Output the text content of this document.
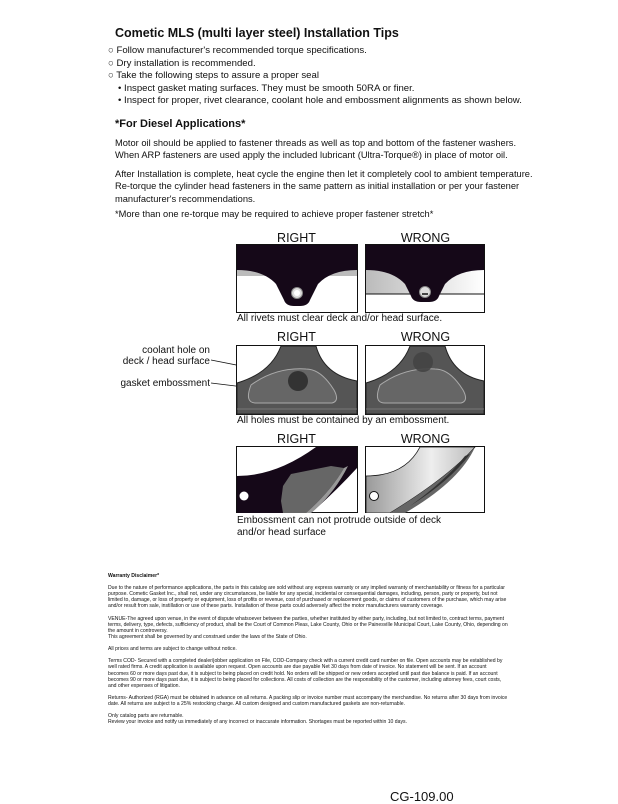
Cometic MLS (multi layer steel) Installation Tips
○ Follow manufacturer's recommended torque specifications.
○ Dry installation is recommended.
○ Take the following steps to assure a proper seal
• Inspect gasket mating surfaces. They must be smooth 50RA or finer.
• Inspect for proper, rivet clearance, coolant hole and embossment alignments as shown below.
*For Diesel Applications*
Motor oil should be applied to fastener threads as well as top and bottom of the fastener washers. When ARP fasteners are used apply the included lubricant (Ultra-Torque®) in place of motor oil.
After Installation is complete, heat cycle the engine then let it completely cool to ambient temperature. Re-torque the cylinder head fasteners in the same pattern as initial installation or per your fastener manufacturer's recommendations.
*More than one re-torque may be required to achieve proper fastener stretch*
RIGHT	WRONG
All rivets must clear deck and/or head surface.
RIGHT	WRONG
coolant hole on
deck / head surface
gasket embossment
All holes must be contained by an embossment.
RIGHT	WRONG
Embossment can not protrude outside of deck
and/or head surface

Warranty Disclaimer*

Due to the nature of performance applications, the parts in this catalog are sold without any express warranty or any implied warranty of merchantability or fitness for a particular purpose. Cometic Gasket Inc., shall not, under any circumstances, be liable for any special, incidental or consequential damages, including, person, party or property, but not limited to, damage, or loss of property or equipment, loss of profits or revenue, cost of purchased or replacement goods, or claims of customers of the purchase, which may arise and/or result from sale, instillation or use of these parts. Installation of these parts could adversely affect the motor manufacturers warranty coverage.

VENUE-The agreed upon venue, in the event of dispute whatsoever between the parties, whether instituted by either party, including, but not limited to, contract terms, payment terms, delivery, type, defects, sufficiency of product, shall be the Court of Common Pleas, Lake County, Ohio or the Painesville Municipal Court, Lake County, Ohio, depending on the amount in controversy.
This agreement shall be governed by and construed under the laws of the State of Ohio.

All prices and terms are subject to change without notice.

Terms COD- Secured with a completed dealer/jobber application on File, COD-Company check with a current credit card number on file. Open accounts may be established by well rated firms. A credit application is available upon request. Open accounts are due payable Net 30 days from date of invoice. No statement will be sent. If an account becomes 60 or more days past due, it is subject to being placed on credit hold. No orders will be shipped or new orders accepted until past due balance is paid. If an account becomes 90 or more days past due, it is subject to being placed for collections. All costs of collection are the responsibility of the customer, including attorney fees, court costs, and other expenses of litigation.

Returns- Authorized (RGA) must be obtained in advance on all returns. A packing slip or invoice number must accompany the merchandise. No returns after 30 days from invoice date. All returns are subject to a 25% restocking charge. All custom designed and custom manufactured gaskets are non-returnable.

Only catalog parts are returnable.
Review your invoice and notify us immediately of any incorrect or inaccurate information. Shortages must be reported within 10 days.

CG-109.00
